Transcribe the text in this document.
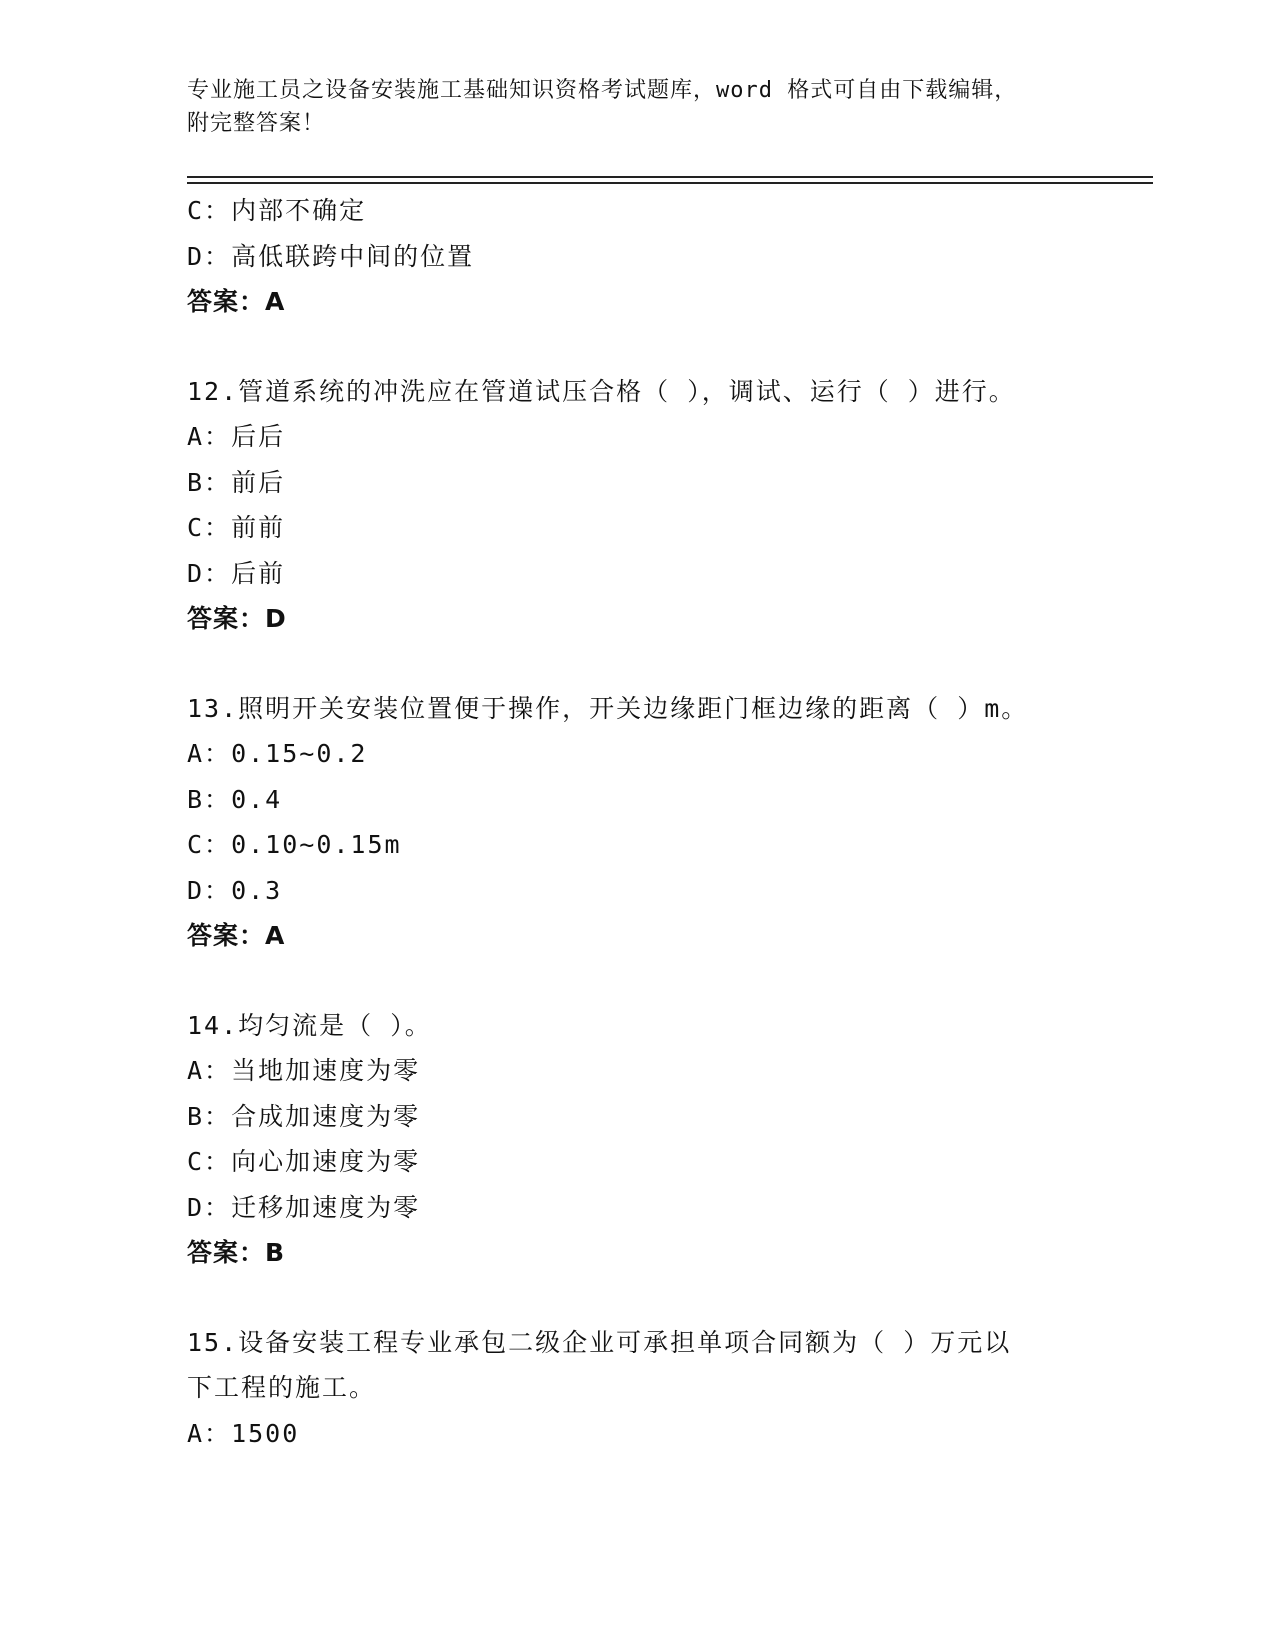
专业施工员之设备安装施工基础知识资格考试题库，word 格式可自由下载编辑，
附完整答案！
C：内部不确定
D：高低联跨中间的位置
答案：A
12.管道系统的冲洗应在管道试压合格（ ），调试、运行（ ）进行。
A：后后
B：前后
C：前前
D：后前
答案：D
13.照明开关安装位置便于操作，开关边缘距门框边缘的距离（ ）m。
A：0.15~0.2
B：0.4
C：0.10~0.15m
D：0.3
答案：A
14.均匀流是（ ）。
A：当地加速度为零
B：合成加速度为零
C：向心加速度为零
D：迁移加速度为零
答案：B
15.设备安装工程专业承包二级企业可承担单项合同额为（ ）万元以
下工程的施工。
A：1500
